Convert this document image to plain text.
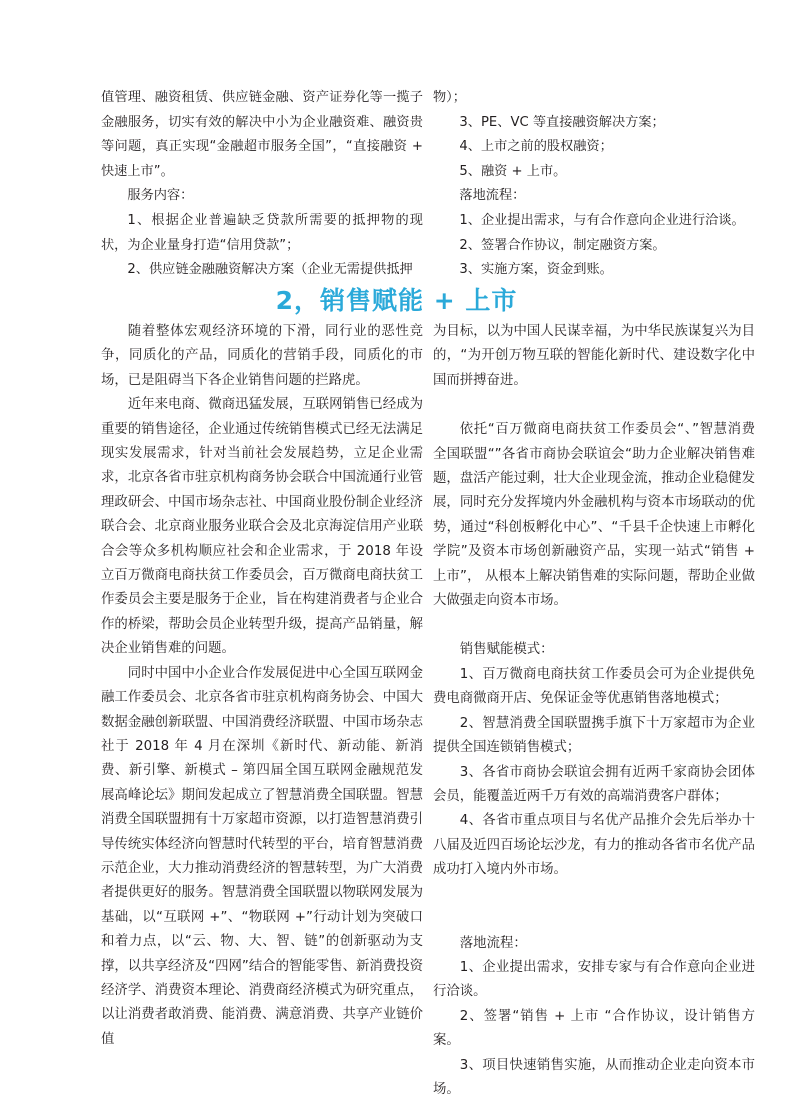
值管理、融资租赁、供应链金融、资产证券化等一揽子金融服务，切实有效的解决中小为企业融资难、融资贵等问题，真正实现“金融超市服务全国”，“直接融资 + 快速上市”。

服务内容：

1、根据企业普遍缺乏贷款所需要的抵押物的现状，为企业量身打造“信用贷款”；

2、供应链金融融资解决方案（企业无需提供抵押

物）；

3、PE、VC 等直接融资解决方案；

4、上市之前的股权融资；

5、融资 + 上市。

落地流程：

1、企业提出需求，与有合作意向企业进行洽谈。

2、签署合作协议，制定融资方案。

3、实施方案，资金到账。

2，销售赋能 + 上市

随着整体宏观经济环境的下滑，同行业的恶性竞争，同质化的产品，同质化的营销手段，同质化的市场，已是阻碍当下各企业销售问题的拦路虎。

近年来电商、微商迅猛发展，互联网销售已经成为重要的销售途径，企业通过传统销售模式已经无法满足现实发展需求，针对当前社会发展趋势，立足企业需求，北京各省市驻京机构商务协会联合中国流通行业管理政研会、中国市场杂志社、中国商业股份制企业经济联合会、北京商业服务业联合会及北京海淀信用产业联合会等众多机构顺应社会和企业需求，于 2018 年设立百万微商电商扶贫工作委员会，百万微商电商扶贫工作委员会主要是服务于企业，旨在构建消费者与企业合作的桥梁，帮助会员企业转型升级，提高产品销量，解决企业销售难的问题。

同时中国中小企业合作发展促进中心全国互联网金融工作委员会、北京各省市驻京机构商务协会、中国大数据金融创新联盟、中国消费经济联盟、中国市场杂志社于 2018 年 4 月在深圳《新时代、新动能、新消费、新引擎、新模式 – 第四届全国互联网金融规范发展高峰论坛》期间发起成立了智慧消费全国联盟。智慧消费全国联盟拥有十万家超市资源，以打造智慧消费引导传统实体经济向智慧时代转型的平台，培育智慧消费示范企业，大力推动消费经济的智慧转型，为广大消费者提供更好的服务。智慧消费全国联盟以物联网发展为基础，以“互联网 +”、“物联网 +”行动计划为突破口和着力点，以“云、物、大、智、链”的创新驱动为支撑，以共享经济及“四网”结合的智能零售、新消费投资经济学、消费资本理论、消费商经济模式为研究重点，以让消费者敢消费、能消费、满意消费、共享产业链价值

为目标，以为中国人民谋幸福，为中华民族谋复兴为目的，“为开创万物互联的智能化新时代、建设数字化中国而拼搏奋进。

依托“百万微商电商扶贫工作委员会“、”智慧消费全国联盟“”各省市商协会联谊会“助力企业解决销售难题，盘活产能过剩，壮大企业现金流，推动企业稳健发展，同时充分发挥境内外金融机构与资本市场联动的优势，通过“科创板孵化中心”、“千县千企快速上市孵化学院”及资本市场创新融资产品，实现一站式“销售 + 上市”， 从根本上解决销售难的实际问题，帮助企业做大做强走向资本市场。

销售赋能模式：

1、百万微商电商扶贫工作委员会可为企业提供免费电商微商开店、免保证金等优惠销售落地模式；

2、智慧消费全国联盟携手旗下十万家超市为企业提供全国连锁销售模式；

3、各省市商协会联谊会拥有近两千家商协会团体会员，能覆盖近两千万有效的高端消费客户群体；

4、各省市重点项目与名优产品推介会先后举办十八届及近四百场论坛沙龙，有力的推动各省市名优产品成功打入境内外市场。

落地流程：

1、企业提出需求，安排专家与有合作意向企业进行洽谈。

2、签署“销售 + 上市 “合作协议，设计销售方案。

3、项目快速销售实施，从而推动企业走向资本市场。
